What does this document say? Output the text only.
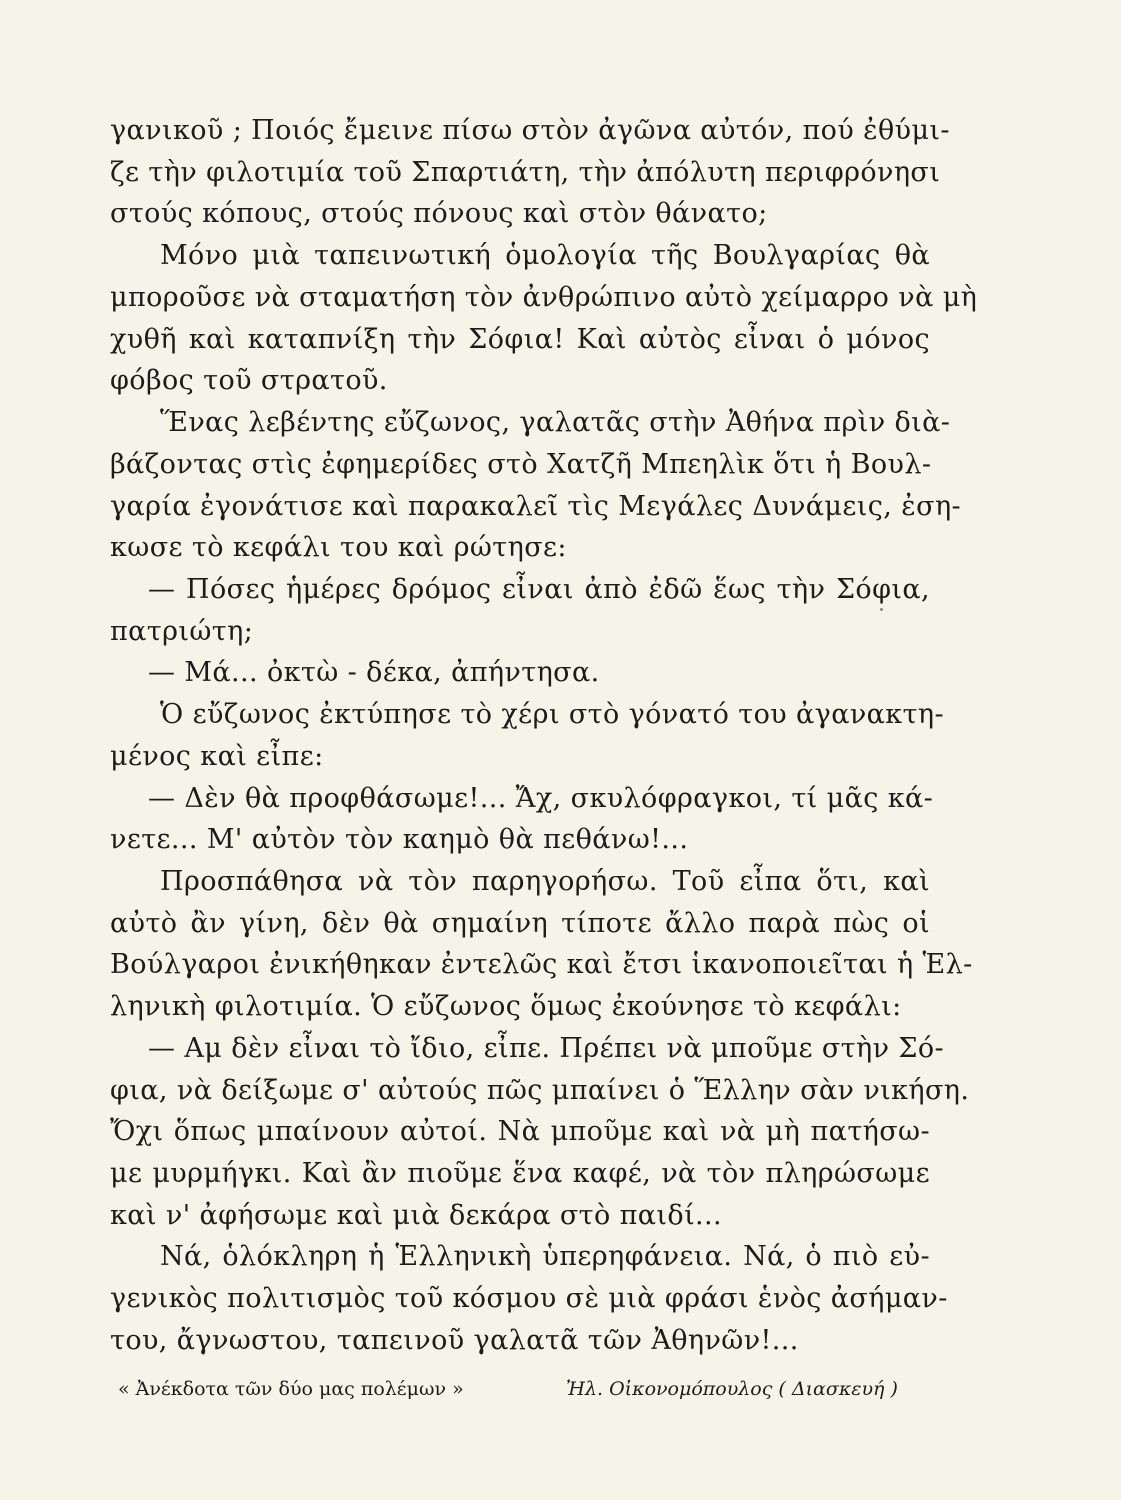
γανικοῦ ; Ποιός ἔμεινε πίσω στὸν ἀγῶνα αὐτόν, πού ἐθύμι-
ζε τὴν φιλοτιμία τοῦ Σπαρτιάτη, τὴν ἀπόλυτη περιφρόνησι
στούς κόπους, στούς πόνους καὶ στὸν θάνατο;
Μόνο μιὰ ταπεινωτική ὁμολογία τῆς Βουλγαρίας θὰ
μποροῦσε νὰ σταματήση τὸν ἀνθρώπινο αὐτὸ χείμαρρο νὰ μὴ
χυθῆ καὶ καταπνίξη τὴν Σόφια! Καὶ αὐτὸς εἶναι ὁ μόνος
φόβος τοῦ στρατοῦ.
Ἕνας λεβέντης εὔζωνος, γαλατᾶς στὴν Ἀθήνα πρὶν διὰ-
βάζοντας στὶς ἐφημερίδες στὸ Χατζῆ Μπεηλὶκ ὅτι ἡ Βουλ-
γαρία ἐγονάτισε καὶ παρακαλεῖ τὶς Μεγάλες Δυνάμεις, ἐση-
κωσε τὸ κεφάλι του καὶ ρώτησε:
— Πόσες ἡμέρες δρόμος εἶναι ἀπὸ ἐδῶ ἕως τὴν Σόφια,
πατριώτη;
— Μά... ὀκτὼ - δέκα, ἀπήντησα.
Ὁ εὔζωνος ἐκτύπησε τὸ χέρι στὸ γόνατό του ἀγανακτη-
μένος καὶ εἶπε:
— Δὲν θὰ προφθάσωμε!... Ἄχ, σκυλόφραγκοι, τί μᾶς κά-
νετε... Μ' αὐτὸν τὸν καημὸ θὰ πεθάνω!...
Προσπάθησα νὰ τὸν παρηγορήσω. Τοῦ εἶπα ὅτι, καὶ
αὐτὸ ἂν γίνη, δὲν θὰ σημαίνη τίποτε ἄλλο παρὰ πὼς οἱ
Βούλγαροι ἐνικήθηκαν ἐντελῶς καὶ ἔτσι ἱκανοποιεῖται ἡ Ἑλ-
ληνικὴ φιλοτιμία. Ὁ εὔζωνος ὅμως ἐκούνησε τὸ κεφάλι:
— Αμ δὲν εἶναι τὸ ἴδιο, εἶπε. Πρέπει νὰ μποῦμε στὴν Σό-
φια, νὰ δείξωμε σ' αὐτούς πῶς μπαίνει ὁ Ἕλλην σὰν νικήση.
Ὄχι ὅπως μπαίνουν αὐτοί. Νὰ μποῦμε καὶ νὰ μὴ πατήσω-
με μυρμήγκι. Καὶ ἂν πιοῦμε ἕνα καφέ, νὰ τὸν πληρώσωμε
καὶ ν' ἀφήσωμε καὶ μιὰ δεκάρα στὸ παιδί...
Νά, ὁλόκληρη ἡ Ἑλληνικὴ ὑπερηφάνεια. Νά, ὁ πιὸ εὐ-
γενικὸς πολιτισμὸς τοῦ κόσμου σὲ μιὰ φράσι ἑνὸς ἀσήμαν-
του, ἄγνωστου, ταπεινοῦ γαλατᾶ τῶν Ἀθηνῶν!...
« Ἀνέκδοτα τῶν δύο μας πολέμων »	Ἠλ. Οἰκονομόπουλος ( Διασκευή )
